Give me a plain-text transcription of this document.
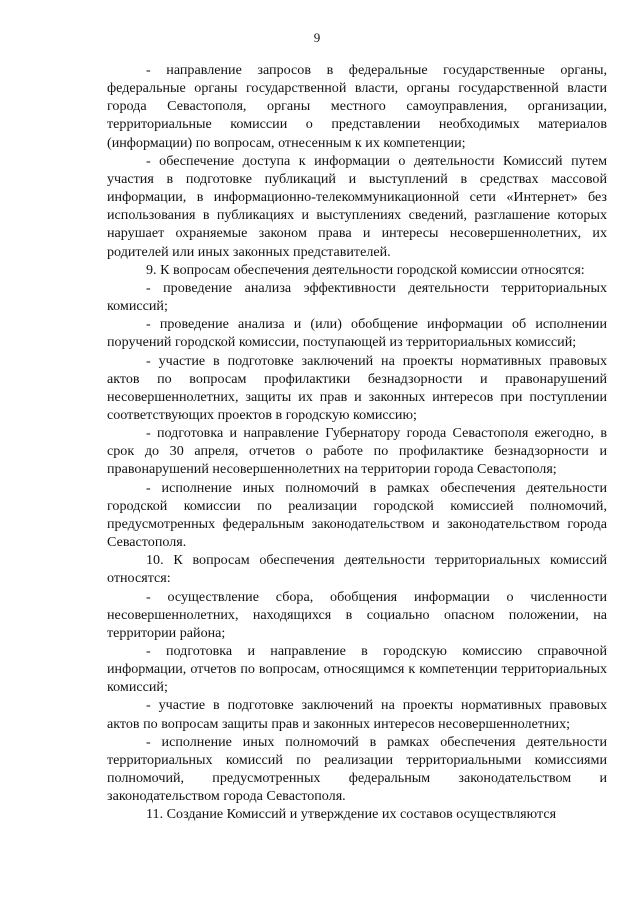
9

- направление запросов в федеральные государственные органы, федеральные органы государственной власти, органы государственной власти города Севастополя, органы местного самоуправления, организации, территориальные комиссии о представлении необходимых материалов (информации) по вопросам, отнесенным к их компетенции;

- обеспечение доступа к информации о деятельности Комиссий путем участия в подготовке публикаций и выступлений в средствах массовой информации, в информационно-телекоммуникационной сети «Интернет» без использования в публикациях и выступлениях сведений, разглашение которых нарушает охраняемые законом права и интересы несовершеннолетних, их родителей или иных законных представителей.

9. К вопросам обеспечения деятельности городской комиссии относятся:

- проведение анализа эффективности деятельности территориальных комиссий;

- проведение анализа и (или) обобщение информации об исполнении поручений городской комиссии, поступающей из территориальных комиссий;

- участие в подготовке заключений на проекты нормативных правовых актов по вопросам профилактики безнадзорности и правонарушений несовершеннолетних, защиты их прав и законных интересов при поступлении соответствующих проектов в городскую комиссию;

- подготовка и направление Губернатору города Севастополя ежегодно, в срок до 30 апреля, отчетов о работе по профилактике безнадзорности и правонарушений несовершеннолетних на территории города Севастополя;

- исполнение иных полномочий в рамках обеспечения деятельности городской комиссии по реализации городской комиссией полномочий, предусмотренных федеральным законодательством и законодательством города Севастополя.

10. К вопросам обеспечения деятельности территориальных комиссий относятся:

- осуществление сбора, обобщения информации о численности несовершеннолетних, находящихся в социально опасном положении, на территории района;

- подготовка и направление в городскую комиссию справочной информации, отчетов по вопросам, относящимся к компетенции территориальных комиссий;

- участие в подготовке заключений на проекты нормативных правовых актов по вопросам защиты прав и законных интересов несовершеннолетних;

- исполнение иных полномочий в рамках обеспечения деятельности территориальных комиссий по реализации территориальными комиссиями полномочий, предусмотренных федеральным законодательством и законодательством города Севастополя.

11. Создание Комиссий и утверждение их составов осуществляются
